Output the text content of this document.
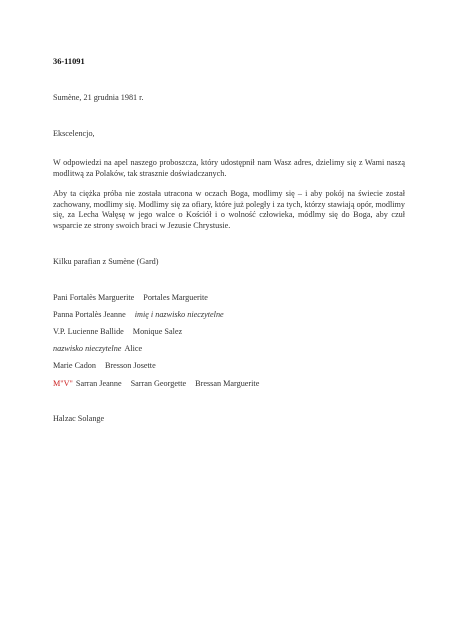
36-11091
Sumène, 21 grudnia 1981 r.
Ekscelencjo,
W odpowiedzi na apel naszego proboszcza, który udostępnił nam Wasz adres, dzielimy się z Wami naszą modlitwą za Polaków, tak strasznie doświadczanych.
Aby ta ciężka próba nie została utracona w oczach Boga, modlimy się – i aby pokój na świecie został zachowany, modlimy się. Modlimy się za ofiary, które już poległy i za tych, którzy stawiają opór, modlimy się, za Lecha Wałęsę w jego walce o Kościół i o wolność człowieka, módlmy się do Boga, aby czuł wsparcie ze strony swoich braci w Jezusie Chrystusie.
Kilku parafian z Sumène (Gard)
Pani Fortalès Marguerite Portales Marguerite
Panna Portalès Jeanne imię i nazwisko nieczytelne
V.P. Lucienne Ballide Monique Salez
nazwisko nieczytelne Alice
Marie Cadon Bresson Josette
M"V" Sarran Jeanne Sarran Georgette Bressan Marguerite
Halzac Solange
